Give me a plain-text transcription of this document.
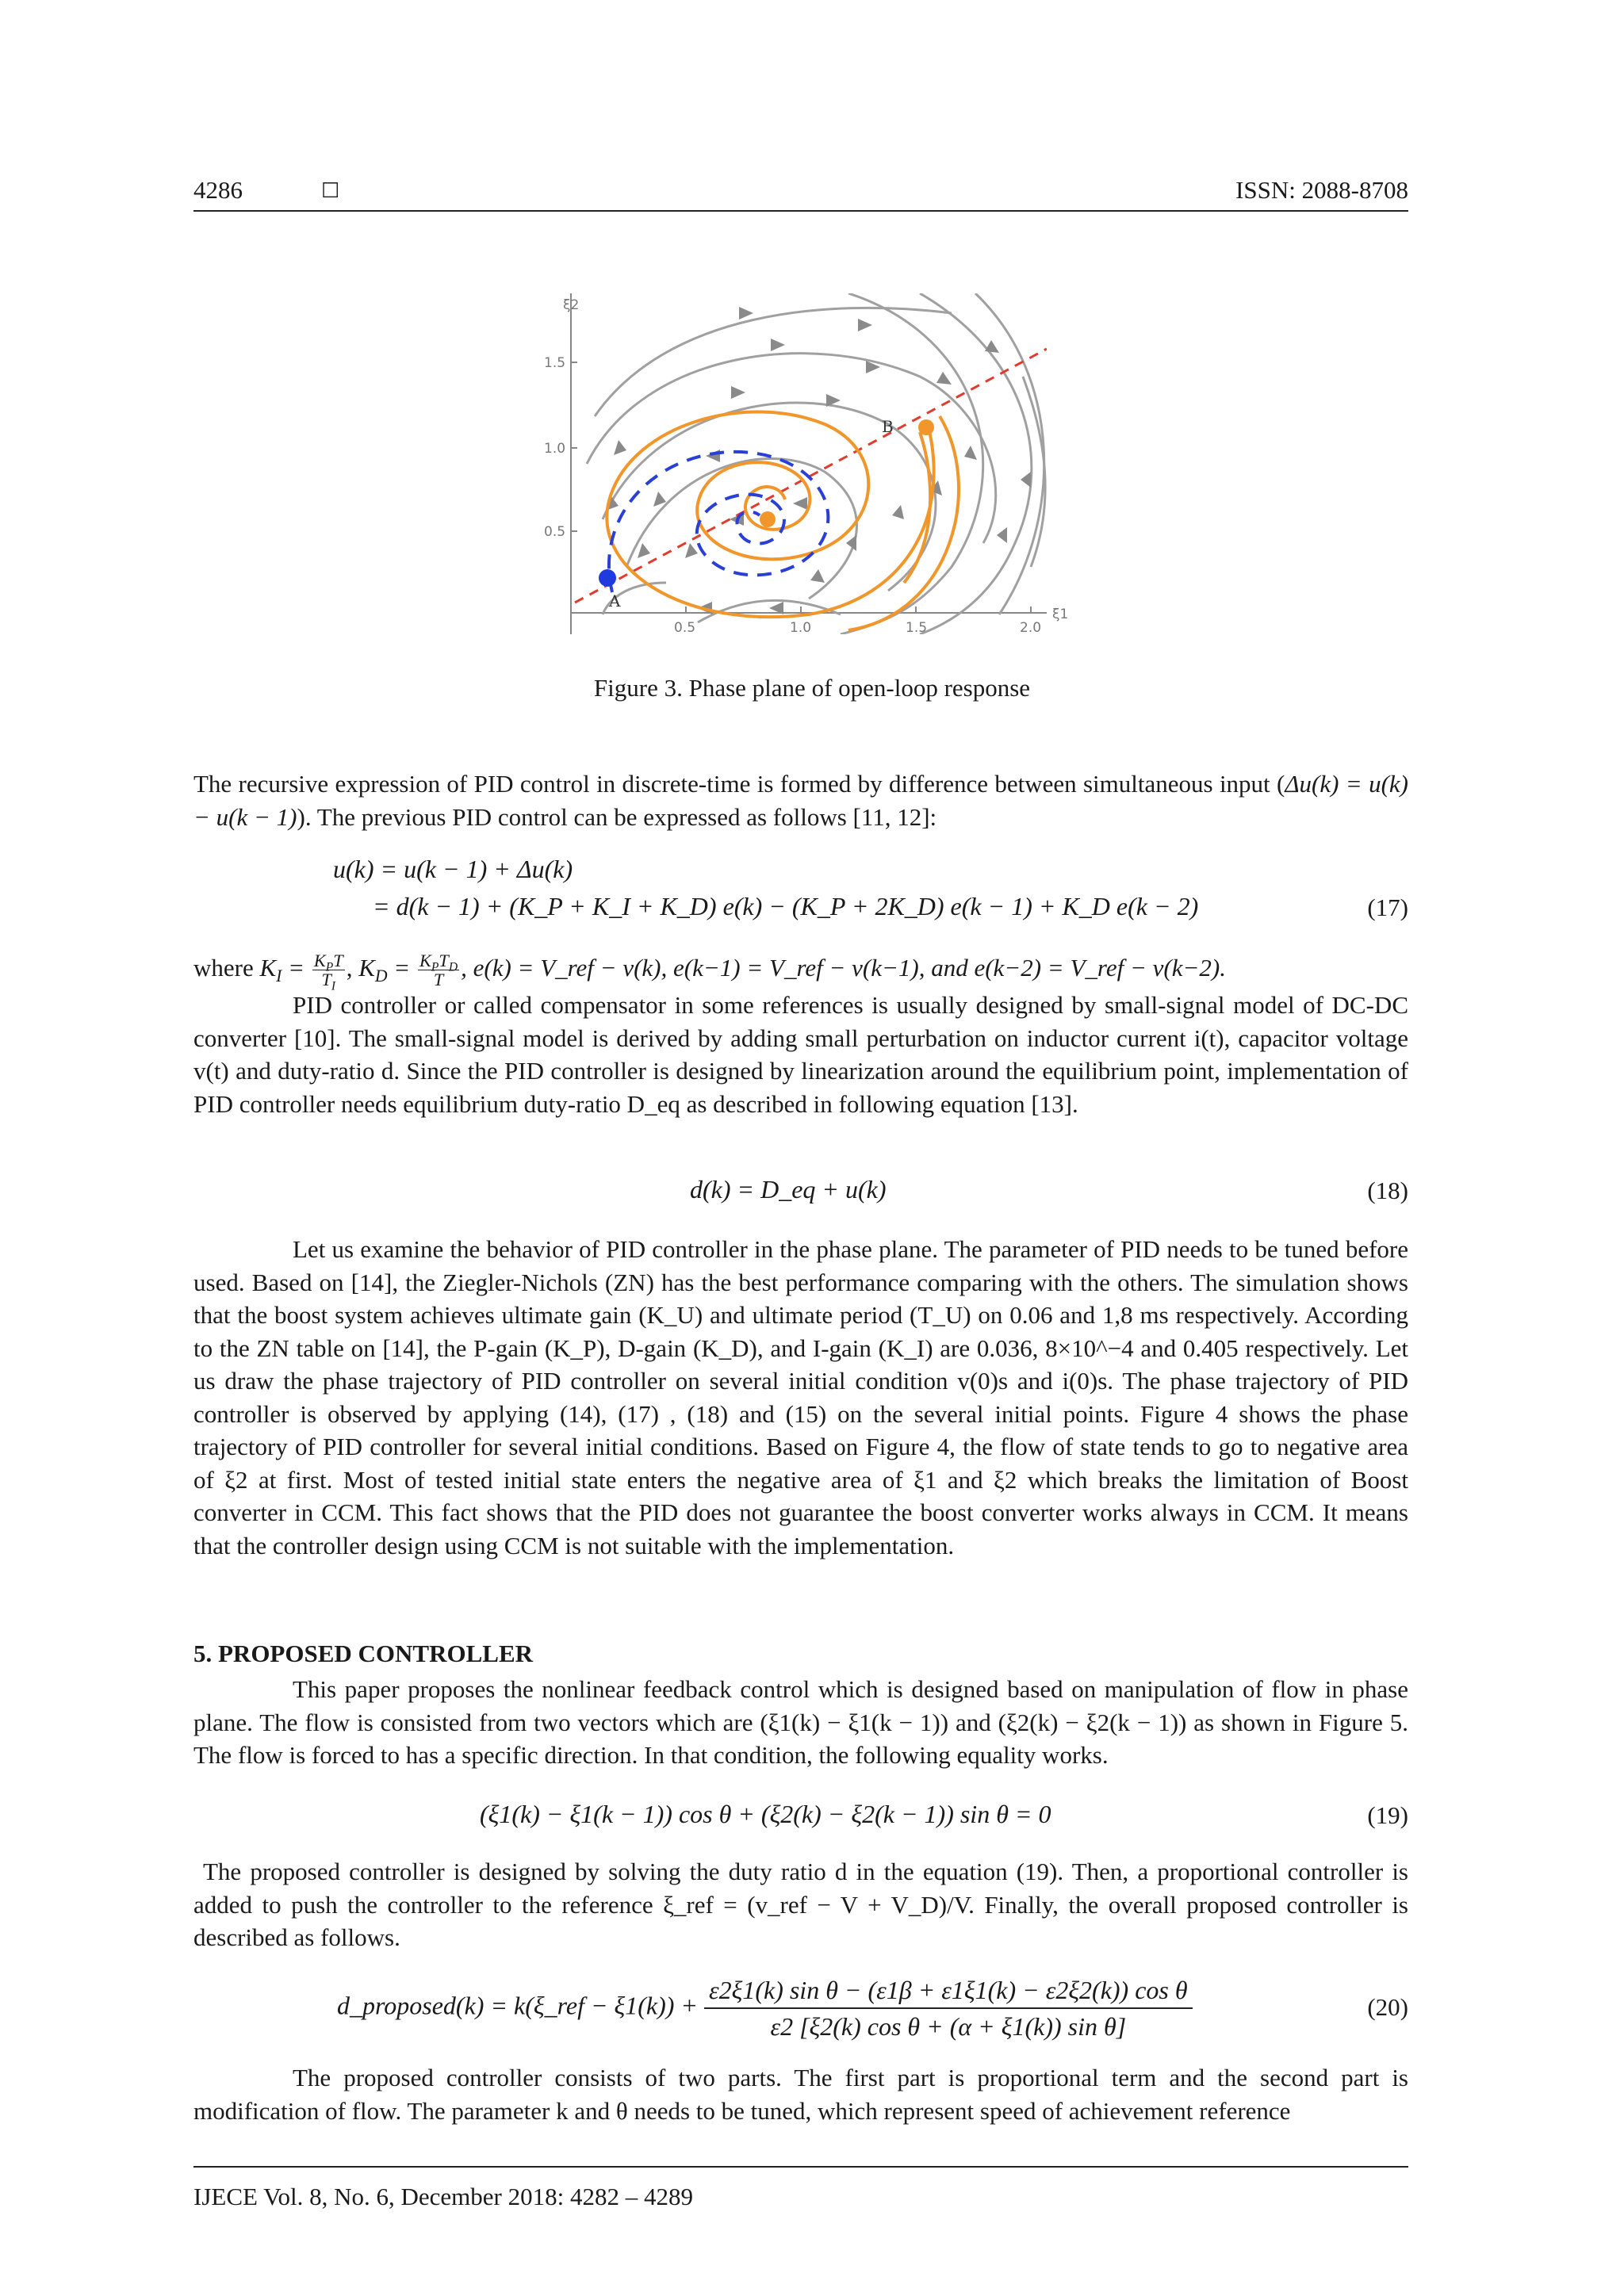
4286	☐	ISSN: 2088-8708
ξ2
ξ1
1.5
1.0
0.5
0.5	1.0	1.5	2.0
A
B
Figure 3. Phase plane of open-loop response

The recursive expression of PID control in discrete-time is formed by difference between simultaneous input (Δu(k) = u(k) − u(k − 1)). The previous PID control can be expressed as follows [11, 12]:

u(k) = u(k − 1) + Δu(k)
= d(k − 1) + (K_P + K_I + K_D) e(k) − (K_P + 2K_D) e(k − 1) + K_D e(k − 2)	(17)
where $K_I = \frac{K_PT}{T_I}$ , $K_D = \frac{K_PT_D}{T}$ , e(k) = V_ref − v(k), e(k−1) = V_ref − v(k−1), and e(k−2) = V_ref − v(k−2).
PID controller or called compensator in some references is usually designed by small-signal model of DC-DC converter [10]. The small-signal model is derived by adding small perturbation on inductor current i(t), capacitor voltage v(t) and duty-ratio d. Since the PID controller is designed by linearization around the equilibrium point, implementation of PID controller needs equilibrium duty-ratio D_eq as described in following equation [13].
d(k) = D_eq + u(k)	(18)
Let us examine the behavior of PID controller in the phase plane. The parameter of PID needs to be tuned before used. Based on [14], the Ziegler-Nichols (ZN) has the best performance comparing with the others. The simulation shows that the boost system achieves ultimate gain (K_U) and ultimate period (T_U) on 0.06 and 1,8 ms respectively. According to the ZN table on [14], the P-gain (K_P), D-gain (K_D), and I-gain (K_I) are 0.036, 8×10^−4 and 0.405 respectively. Let us draw the phase trajectory of PID controller on several initial condition v(0)s and i(0)s. The phase trajectory of PID controller is observed by applying (14), (17) , (18) and (15) on the several initial points. Figure 4 shows the phase trajectory of PID controller for several initial conditions. Based on Figure 4, the flow of state tends to go to negative area of ξ2 at first. Most of tested initial state enters the negative area of ξ1 and ξ2 which breaks the limitation of Boost converter in CCM. This fact shows that the PID does not guarantee the boost converter works always in CCM. It means that the controller design using CCM is not suitable with the implementation.
5. PROPOSED CONTROLLER
This paper proposes the nonlinear feedback control which is designed based on manipulation of flow in phase plane. The flow is consisted from two vectors which are (ξ1(k) − ξ1(k − 1)) and (ξ2(k) − ξ2(k − 1)) as shown in Figure 5. The flow is forced to has a specific direction. In that condition, the following equality works.
(ξ1(k) − ξ1(k − 1)) cos θ + (ξ2(k) − ξ2(k − 1)) sin θ = 0	(19)
The proposed controller is designed by solving the duty ratio d in the equation (19). Then, a proportional controller is added to push the controller to the reference ξ_ref = (v_ref − V + V_D)/V. Finally, the overall proposed controller is described as follows.
d_proposed(k) = k(ξ_ref − $\xi 1(k)) + \frac{\text{ε2ξ1(k) sin θ − (ε1β + ε1ξ1(k) − ε2ξ2(k)) cos θ}}{\text{ε2 [ξ2(k) cos θ + (α + ξ1(k)) sin θ]}}$	(20)
The proposed controller consists of two parts. The first part is proportional term and the second part is modification of flow. The parameter k and θ needs to be tuned, which represent speed of achievement reference
IJECE Vol. 8, No. 6, December 2018: 4282 – 4289
